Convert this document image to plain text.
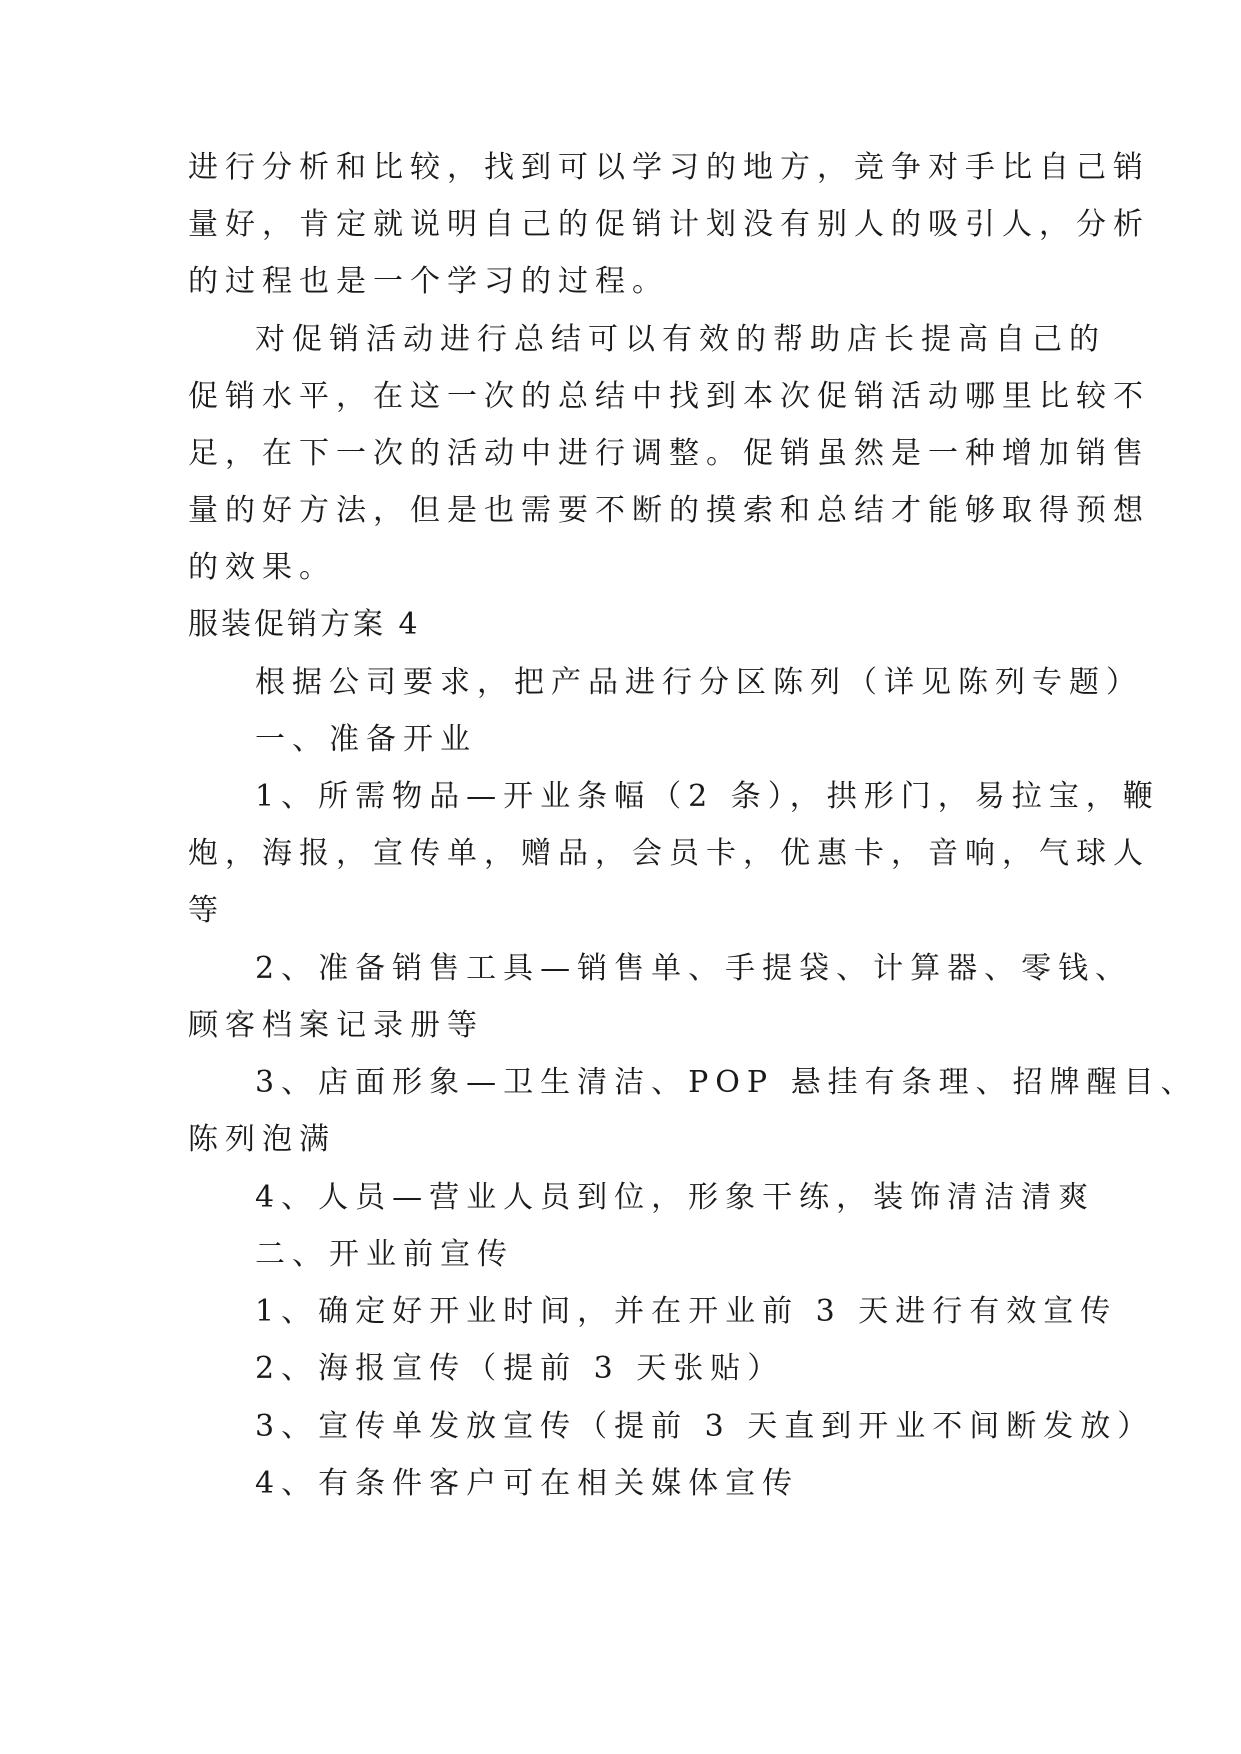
进行分析和比较，找到可以学习的地方，竞争对手比自己销
量好，肯定就说明自己的促销计划没有别人的吸引人，分析
的过程也是一个学习的过程。
对促销活动进行总结可以有效的帮助店长提高自己的
促销水平，在这一次的总结中找到本次促销活动哪里比较不
足，在下一次的活动中进行调整。促销虽然是一种增加销售
量的好方法，但是也需要不断的摸索和总结才能够取得预想
的效果。
服装促销方案 4
根据公司要求，把产品进行分区陈列（详见陈列专题）
一、准备开业
1、所需物品—开业条幅（2 条），拱形门，易拉宝，鞭
炮，海报，宣传单，赠品，会员卡，优惠卡，音响，气球人
等
2、准备销售工具—销售单、手提袋、计算器、零钱、
顾客档案记录册等
3、店面形象—卫生清洁、POP 悬挂有条理、招牌醒目、
陈列泡满
4、人员—营业人员到位，形象干练，装饰清洁清爽
二、开业前宣传
1、确定好开业时间，并在开业前 3 天进行有效宣传
2、海报宣传（提前 3 天张贴）
3、宣传单发放宣传（提前 3 天直到开业不间断发放）
4、有条件客户可在相关媒体宣传
